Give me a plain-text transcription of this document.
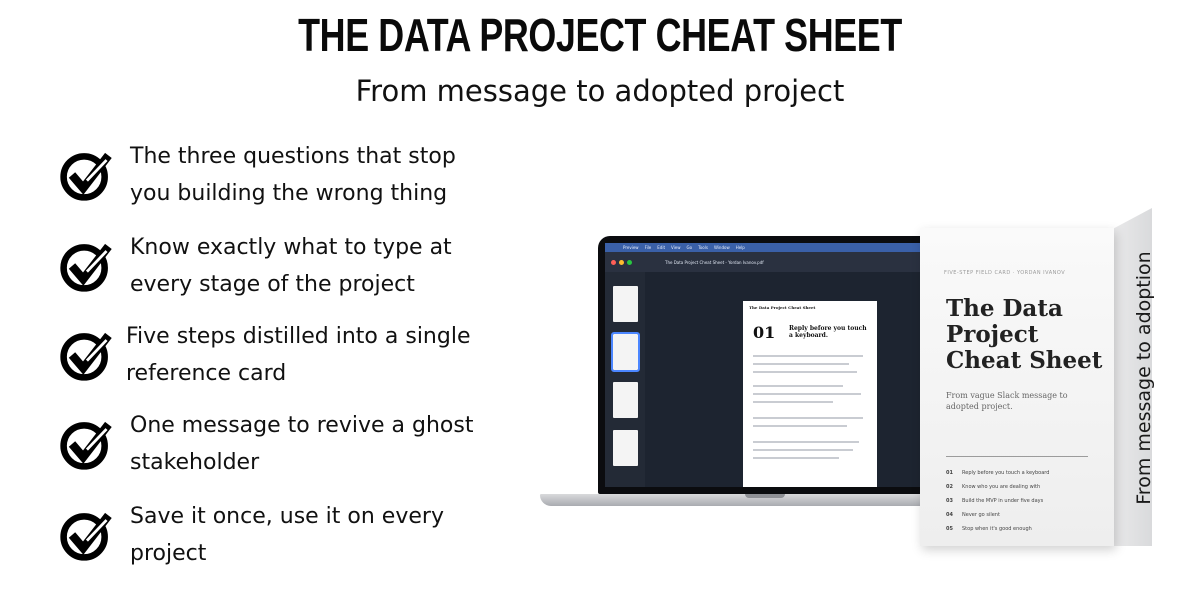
THE DATA PROJECT CHEAT SHEET
From message to adopted project
The three questions that stop
you building the wrong thing
Know exactly what to type at
every stage of the project
Five steps distilled into a single
reference card
One message to revive a ghost
stakeholder
Save it once, use it on every
project
Preview File Edit View Go Tools Window Help
The Data Project Cheat Sheet - Yordan Ivanov.pdf
The Data Project Cheat Sheet
01 Reply before you touch a keyboard.
FIVE-STEP FIELD CARD · YORDAN IVANOV
The Data
Project
Cheat Sheet
From vague Slack message to adopted project.
01	Reply before you touch a keyboard
02	Know who you are dealing with
03	Build the MVP in under five days
04	Never go silent
05	Stop when it's good enough
From message to adoption
